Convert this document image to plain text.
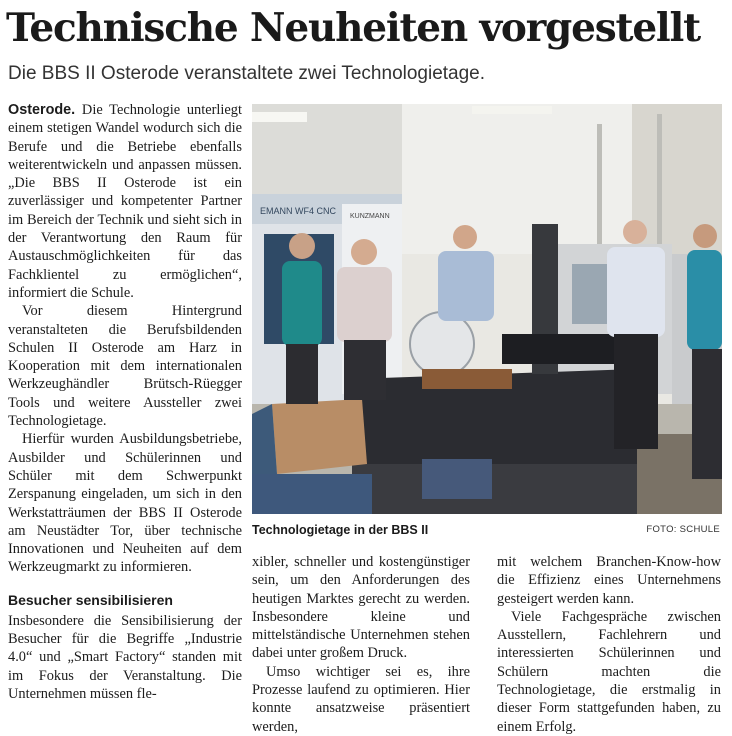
Technische Neuheiten vorgestellt
Die BBS II Osterode veranstaltete zwei Technologietage.

Osterode. Die Technologie unterliegt einem stetigen Wandel wodurch sich die Berufe und die Betriebe ebenfalls weiterentwickeln und anpassen müssen. „Die BBS II Osterode ist ein zuverlässiger und kompetenter Partner im Bereich der Technik und sieht sich in der Verantwortung den Raum für Austauschmöglichkeiten für das Fachklientel zu ermöglichen“, informiert die Schule.

Vor diesem Hintergrund veranstalteten die Berufsbildenden Schulen II Osterode am Harz in Kooperation mit dem internationalen Werkzeughändler Brütsch-Rüegger Tools und weitere Aussteller zwei Technologietage.

Hierfür wurden Ausbildungsbetriebe, Ausbilder und Schülerinnen und Schüler mit dem Schwerpunkt Zerspanung eingeladen, um sich in den Werkstatträumen der BBS II Osterode am Neustädter Tor, über technische Innovationen und Neuheiten auf dem Werkzeugmarkt zu informieren.

Besucher sensibilisieren

Insbesondere die Sensibilisierung der Besucher für die Begriffe „Industrie 4.0“ und „Smart Factory“ standen mit im Fokus der Veranstaltung. Die Unternehmen müssen fle-

EMANN WF4 CNC
KUNZMANN
Technologietage in der BBS II	FOTO: SCHULE

xibler, schneller und kostengünstiger sein, um den Anforderungen des heutigen Marktes gerecht zu werden. Insbesondere kleine und mittelständische Unternehmen stehen dabei unter großem Druck.

Umso wichtiger sei es, ihre Prozesse laufend zu optimieren. Hier konnte ansatzweise präsentiert werden,

mit welchem Branchen-Know-how die Effizienz eines Unternehmens gesteigert werden kann.

Viele Fachgespräche zwischen Ausstellern, Fachlehrern und interessierten Schülerinnen und Schülern machten die Technologietage, die erstmalig in dieser Form stattgefunden haben, zu einem Erfolg.
